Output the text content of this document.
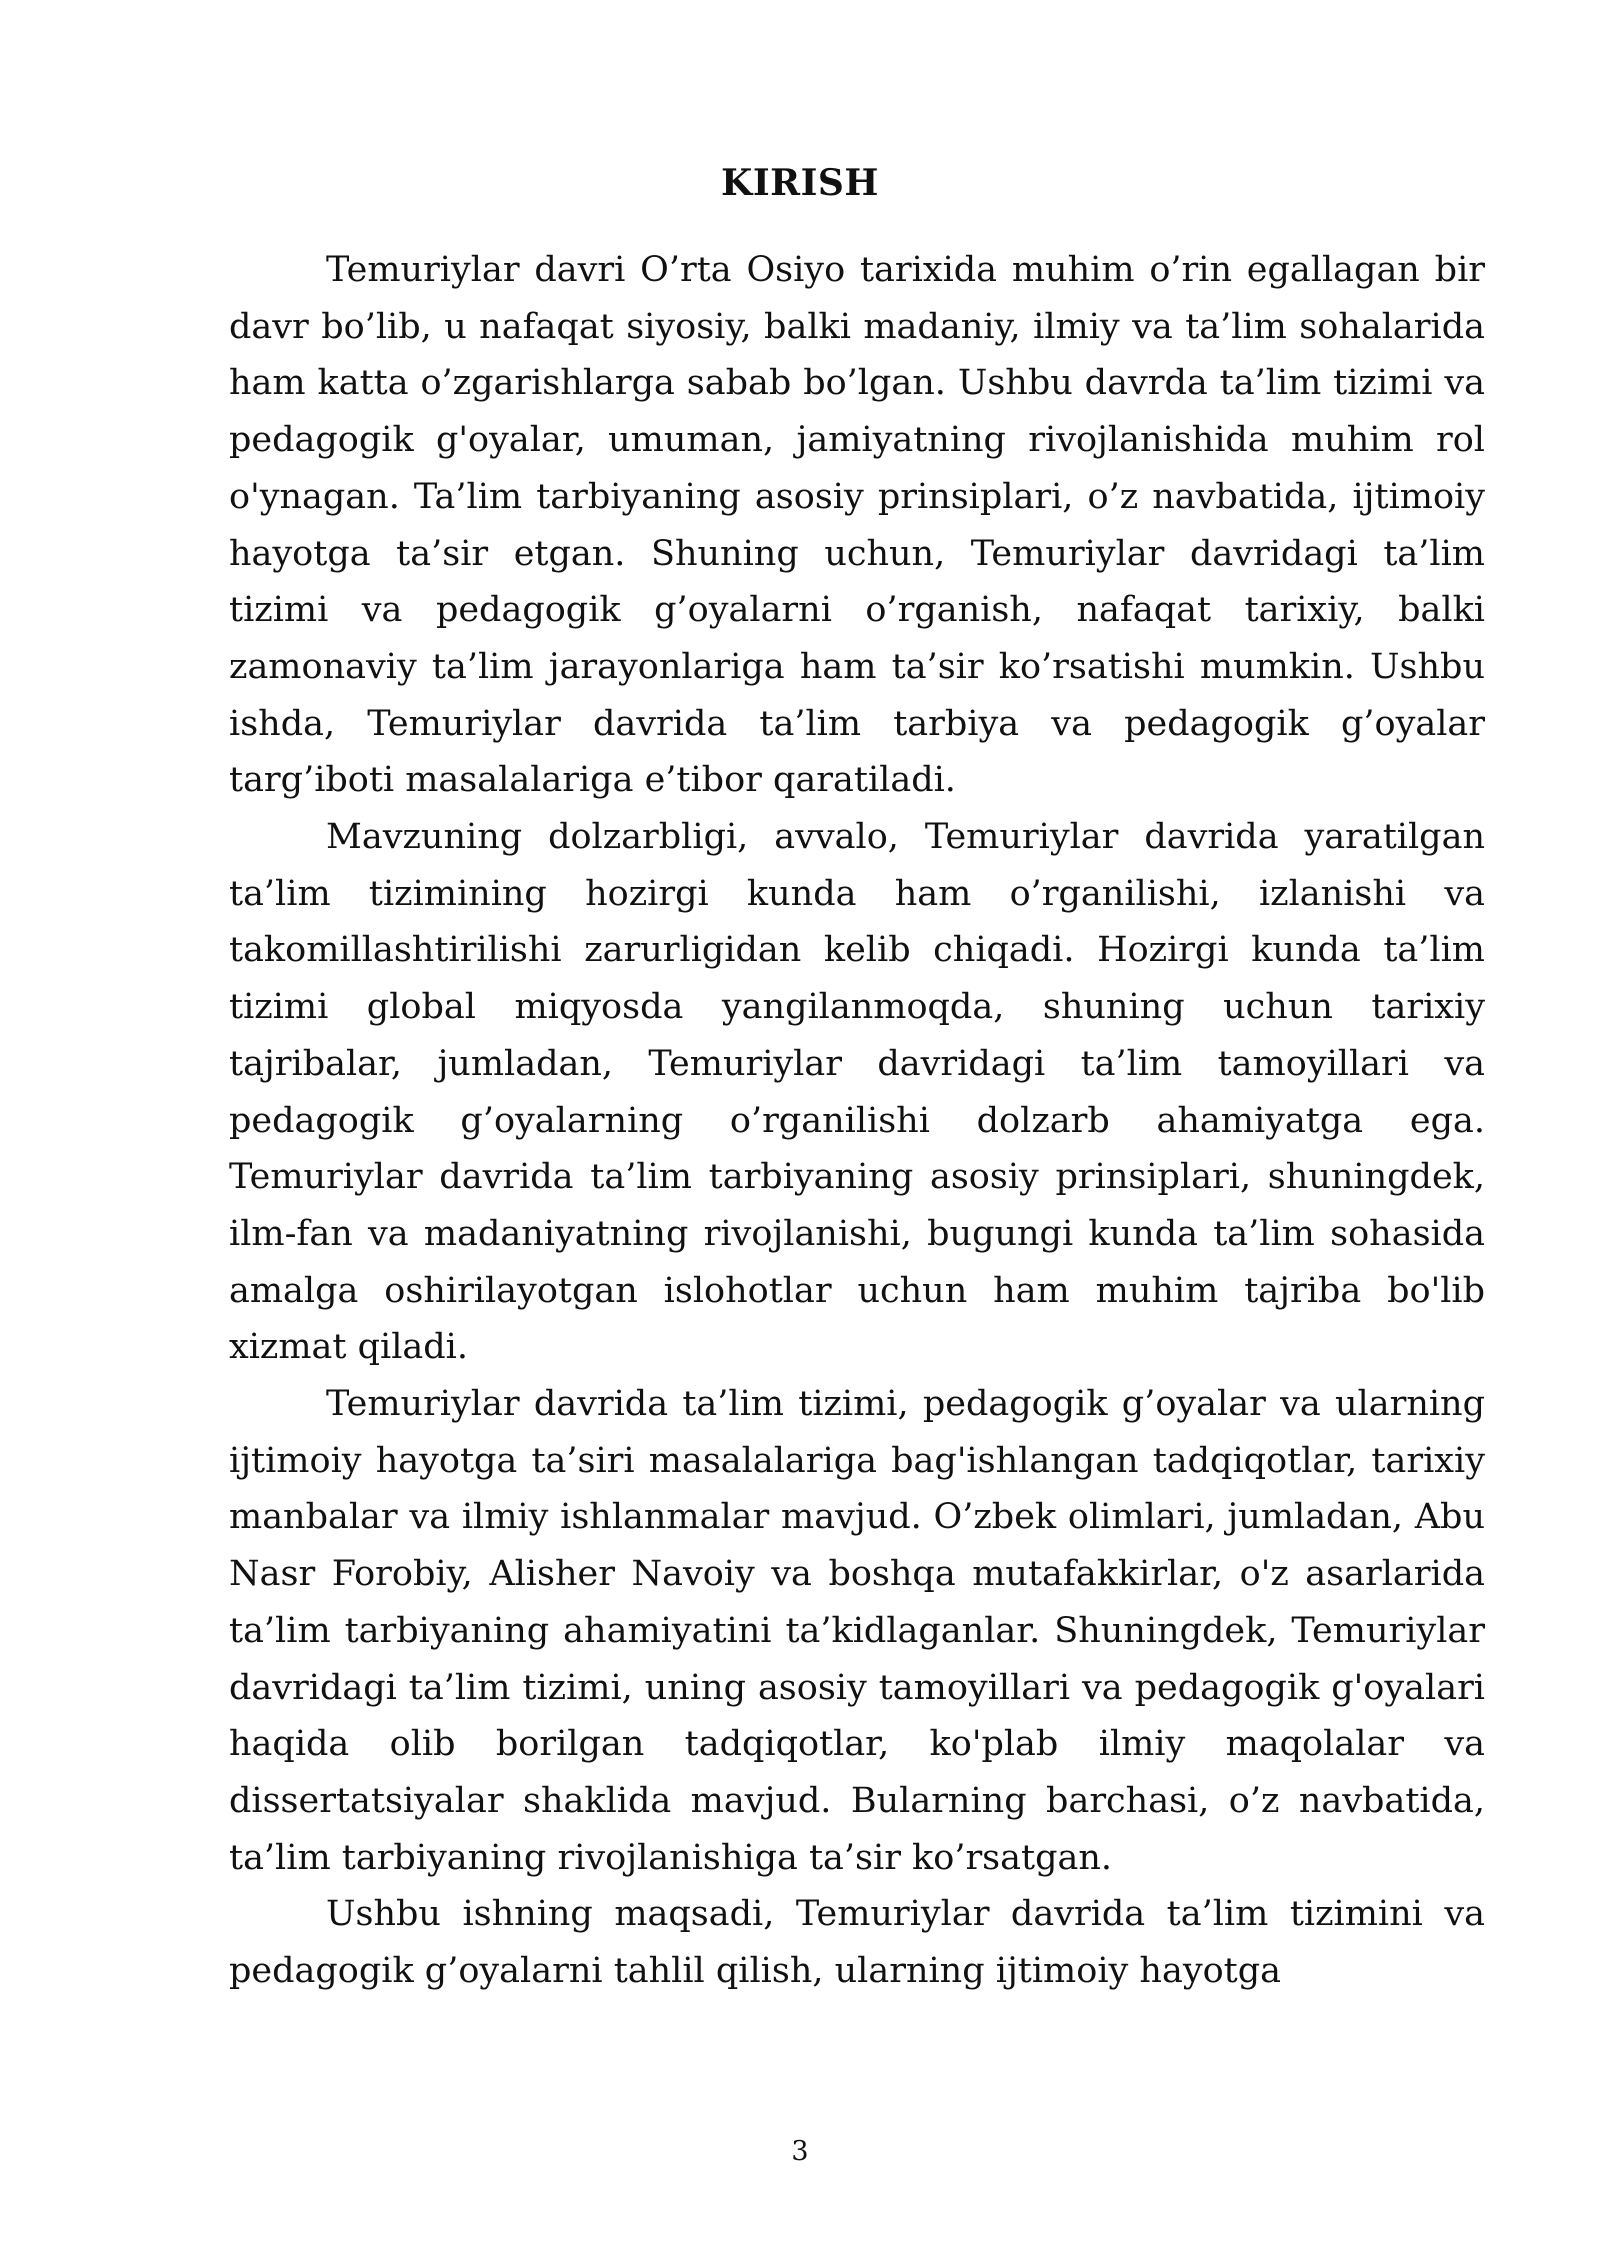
KIRISH

Temuriylar davri O’rta Osiyo tarixida muhim o’rin egallagan bir davr bo’lib, u nafaqat siyosiy, balki madaniy, ilmiy va ta’lim sohalarida ham katta o’zgarishlarga sabab bo’lgan. Ushbu davrda ta’lim tizimi va pedagogik g'oyalar, umuman, jamiyatning rivojlanishida muhim rol o'ynagan. Ta’lim tarbiyaning asosiy prinsiplari, o’z navbatida, ijtimoiy hayotga ta’sir etgan. Shuning uchun, Temuriylar davridagi ta’lim tizimi va pedagogik g’oyalarni o’rganish, nafaqat tarixiy, balki zamonaviy ta’lim jarayonlariga ham ta’sir ko’rsatishi mumkin. Ushbu ishda, Temuriylar davrida ta’lim tarbiya va pedagogik g’oyalar targ’iboti masalalariga e’tibor qaratiladi.

Mavzuning dolzarbligi, avvalo, Temuriylar davrida yaratilgan ta’lim tizimining hozirgi kunda ham o’rganilishi, izlanishi va takomillashtirilishi zarurligidan kelib chiqadi. Hozirgi kunda ta’lim tizimi global miqyosda yangilanmoqda, shuning uchun tarixiy tajribalar, jumladan, Temuriylar davridagi ta’lim tamoyillari va pedagogik g’oyalarning o’rganilishi dolzarb ahamiyatga ega. Temuriylar davrida ta’lim tarbiyaning asosiy prinsiplari, shuningdek, ilm-fan va madaniyatning rivojlanishi, bugungi kunda ta’lim sohasida amalga oshirilayotgan islohotlar uchun ham muhim tajriba bo'lib xizmat qiladi.

Temuriylar davrida ta’lim tizimi, pedagogik g’oyalar va ularning ijtimoiy hayotga ta’siri masalalariga bag'ishlangan tadqiqotlar, tarixiy manbalar va ilmiy ishlanmalar mavjud. O’zbek olimlari, jumladan, Abu Nasr Forobiy, Alisher Navoiy va boshqa mutafakkirlar, o'z asarlarida ta’lim tarbiyaning ahamiyatini ta’kidlaganlar. Shuningdek, Temuriylar davridagi ta’lim tizimi, uning asosiy tamoyillari va pedagogik g'oyalari haqida olib borilgan tadqiqotlar, ko'plab ilmiy maqolalar va dissertatsiyalar shaklida mavjud. Bularning barchasi, o’z navbatida, ta’lim tarbiyaning rivojlanishiga ta’sir ko’rsatgan.

Ushbu ishning maqsadi, Temuriylar davrida ta’lim tizimini va pedagogik g’oyalarni tahlil qilish, ularning ijtimoiy hayotga

3
